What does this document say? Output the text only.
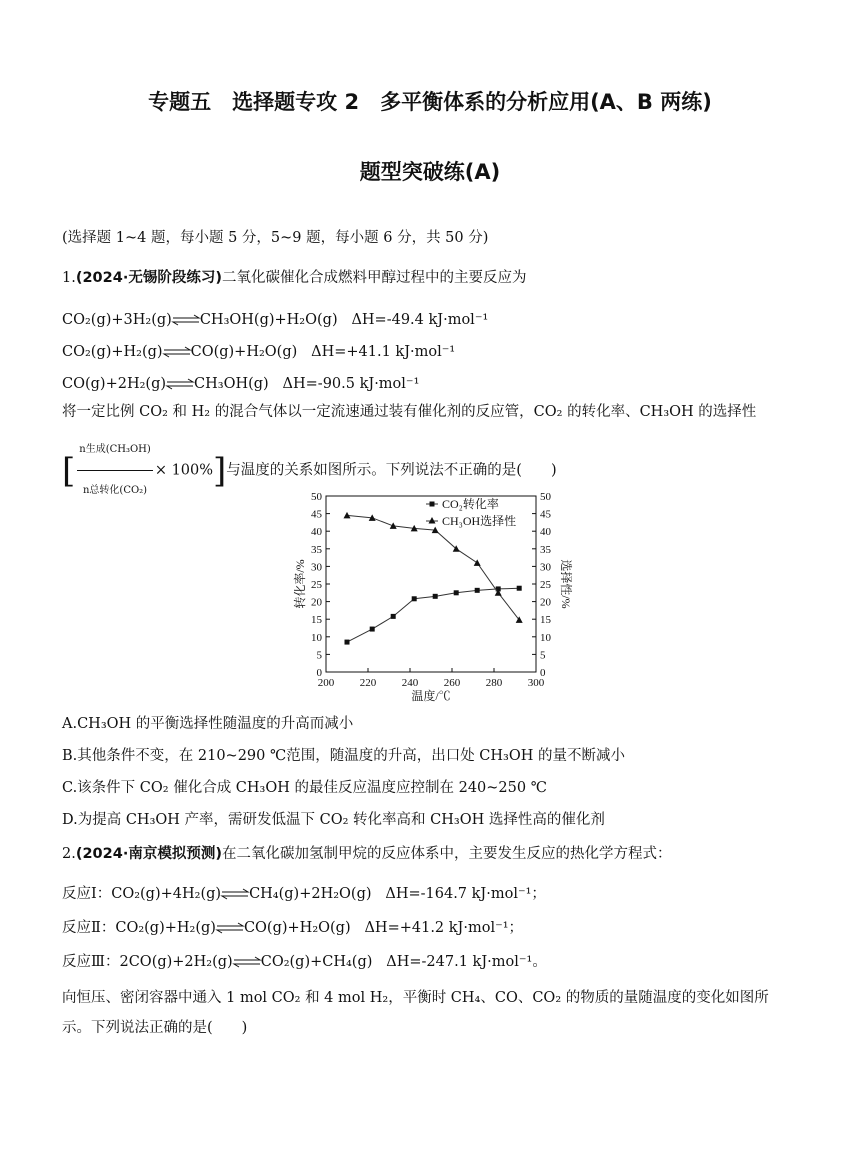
专题五　选择题专攻 2　多平衡体系的分析应用(A、B 两练)
题型突破练(A)
(选择题 1~4 题，每小题 5 分，5~9 题，每小题 6 分，共 50 分)
1.(2024·无锡阶段练习)二氧化碳催化合成燃料甲醇过程中的主要反应为
CO₂(g)+3H₂(g)⇌CH₃OH(g)+H₂O(g) ΔH=-49.4 kJ·mol⁻¹
CO₂(g)+H₂(g)⇌CO(g)+H₂O(g) ΔH=+41.1 kJ·mol⁻¹
CO(g)+2H₂(g)⇌CH₃OH(g) ΔH=-90.5 kJ·mol⁻¹
将一定比例 CO₂ 和 H₂ 的混合气体以一定流速通过装有催化剂的反应管，CO₂ 的转化率、CH₃OH 的选择性
[ $\frac{\text{n生成(CH₃OH)}}{\text{n总转化(CO₂)}} \times 100\%$]与温度的关系如图所示。下列说法不正确的是(　　)
0	0
5	5
10	10
15	15
20	20
25	25
30	30
35	35
40	40
45	45
50	50
200 220 240 260 280 300
温度/℃
转化率/%	选择性/%
CO₂转化率
CH₃OH选择性
A.CH₃OH 的平衡选择性随温度的升高而减小
B.其他条件不变，在 210~290 ℃范围，随温度的升高，出口处 CH₃OH 的量不断减小
C.该条件下 CO₂ 催化合成 CH₃OH 的最佳反应温度应控制在 240~250 ℃
D.为提高 CH₃OH 产率，需研发低温下 CO₂ 转化率高和 CH₃OH 选择性高的催化剂
2.(2024·南京模拟预测)在二氧化碳加氢制甲烷的反应体系中，主要发生反应的热化学方程式：
反应Ⅰ：CO₂(g)+4H₂(g)⇌CH₄(g)+2H₂O(g) ΔH=-164.7 kJ·mol⁻¹；
反应Ⅱ：CO₂(g)+H₂(g)⇌CO(g)+H₂O(g) ΔH=+41.2 kJ·mol⁻¹；
反应Ⅲ：2CO(g)+2H₂(g)⇌CO₂(g)+CH₄(g) ΔH=-247.1 kJ·mol⁻¹。
向恒压、密闭容器中通入 1 mol CO₂ 和 4 mol H₂，平衡时 CH₄、CO、CO₂ 的物质的量随温度的变化如图所
示。下列说法正确的是(　　)
